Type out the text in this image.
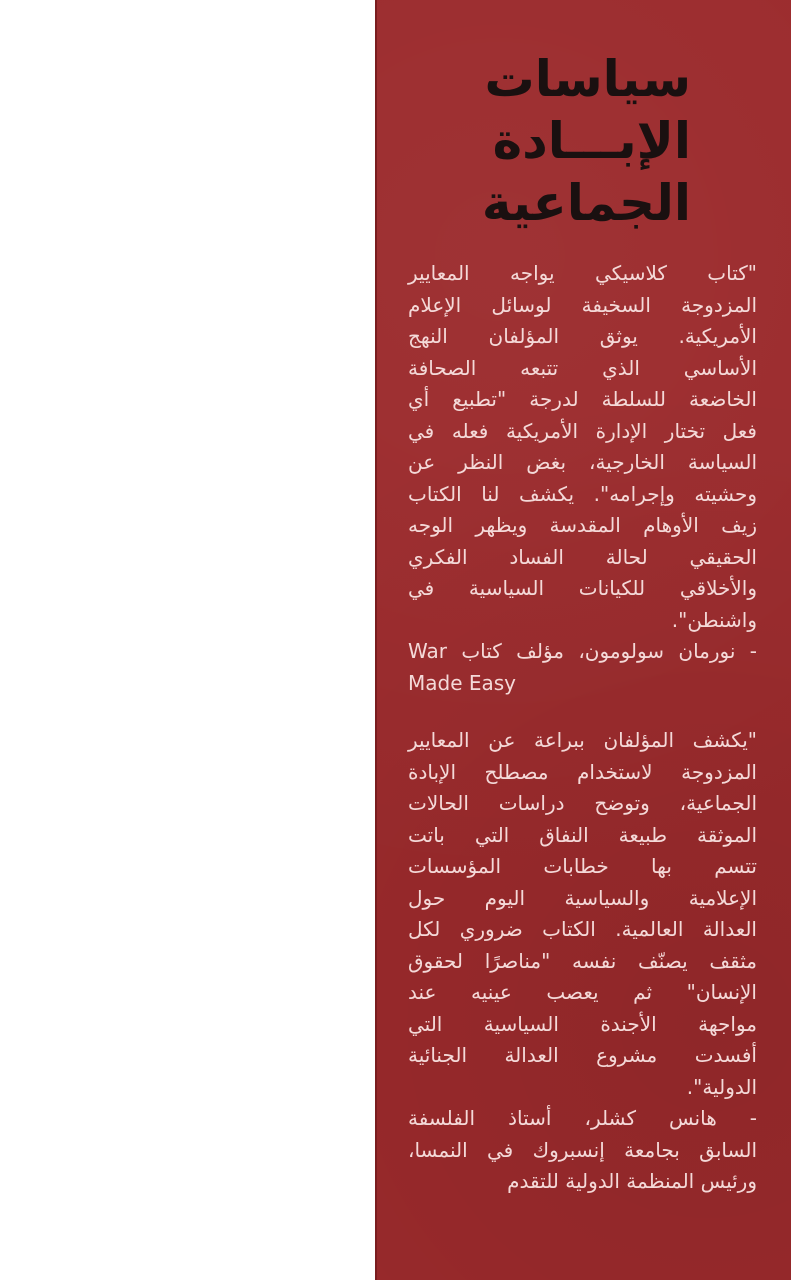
سياسات
الإبـــادة
الجماعية
"كتاب كلاسيكي يواجه المعايير
المزدوجة السخيفة لوسائل الإعلام
الأمريكية. يوثق المؤلفان النهج
الأساسي الذي تتبعه الصحافة
الخاضعة للسلطة لدرجة "تطبيع أي
فعل تختار الإدارة الأمريكية فعله في
السياسة الخارجية، بغض النظر عن
وحشيته وإجرامه". يكشف لنا الكتاب
زيف الأوهام المقدسة ويظهر الوجه
الحقيقي لحالة الفساد الفكري
والأخلاقي للكيانات السياسية في
واشنطن".
- نورمان سولومون، مؤلف كتاب War
Made Easy
"يكشف المؤلفان ببراعة عن المعايير
المزدوجة لاستخدام مصطلح الإبادة
الجماعية، وتوضح دراسات الحالات
الموثقة طبيعة النفاق التي باتت
تتسم بها خطابات المؤسسات
الإعلامية والسياسية اليوم حول
العدالة العالمية. الكتاب ضروري لكل
مثقف يصنّف نفسه "مناصرًا لحقوق
الإنسان" ثم يعصب عينيه عند
مواجهة الأجندة السياسية التي
أفسدت مشروع العدالة الجنائية
الدولية".
- هانس كشلر، أستاذ الفلسفة
السابق بجامعة إنسبروك في النمسا،
ورئيس المنظمة الدولية للتقدم
